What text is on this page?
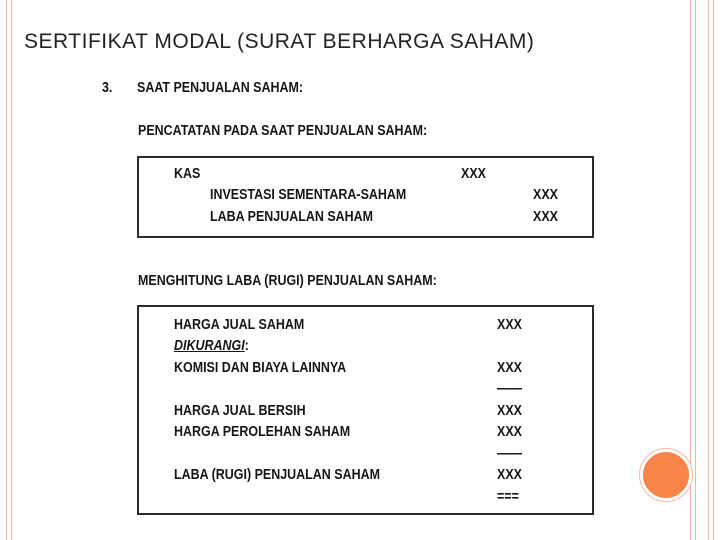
SERTIFIKAT MODAL (SURAT BERHARGA SAHAM)
3. SAAT PENJUALAN SAHAM:
PENCATATAN PADA SAAT PENJUALAN SAHAM:
KAS	XXX
INVESTASI SEMENTARA-SAHAM	XXX
LABA PENJUALAN SAHAM	XXX
MENGHITUNG LABA (RUGI) PENJUALAN SAHAM:
HARGA JUAL SAHAM	XXX
DIKURANGI:
KOMISI DAN BIAYA LAINNYA	XXX
——
HARGA JUAL BERSIH	XXX
HARGA PEROLEHAN SAHAM	XXX
——
LABA (RUGI) PENJUALAN SAHAM	XXX
===
